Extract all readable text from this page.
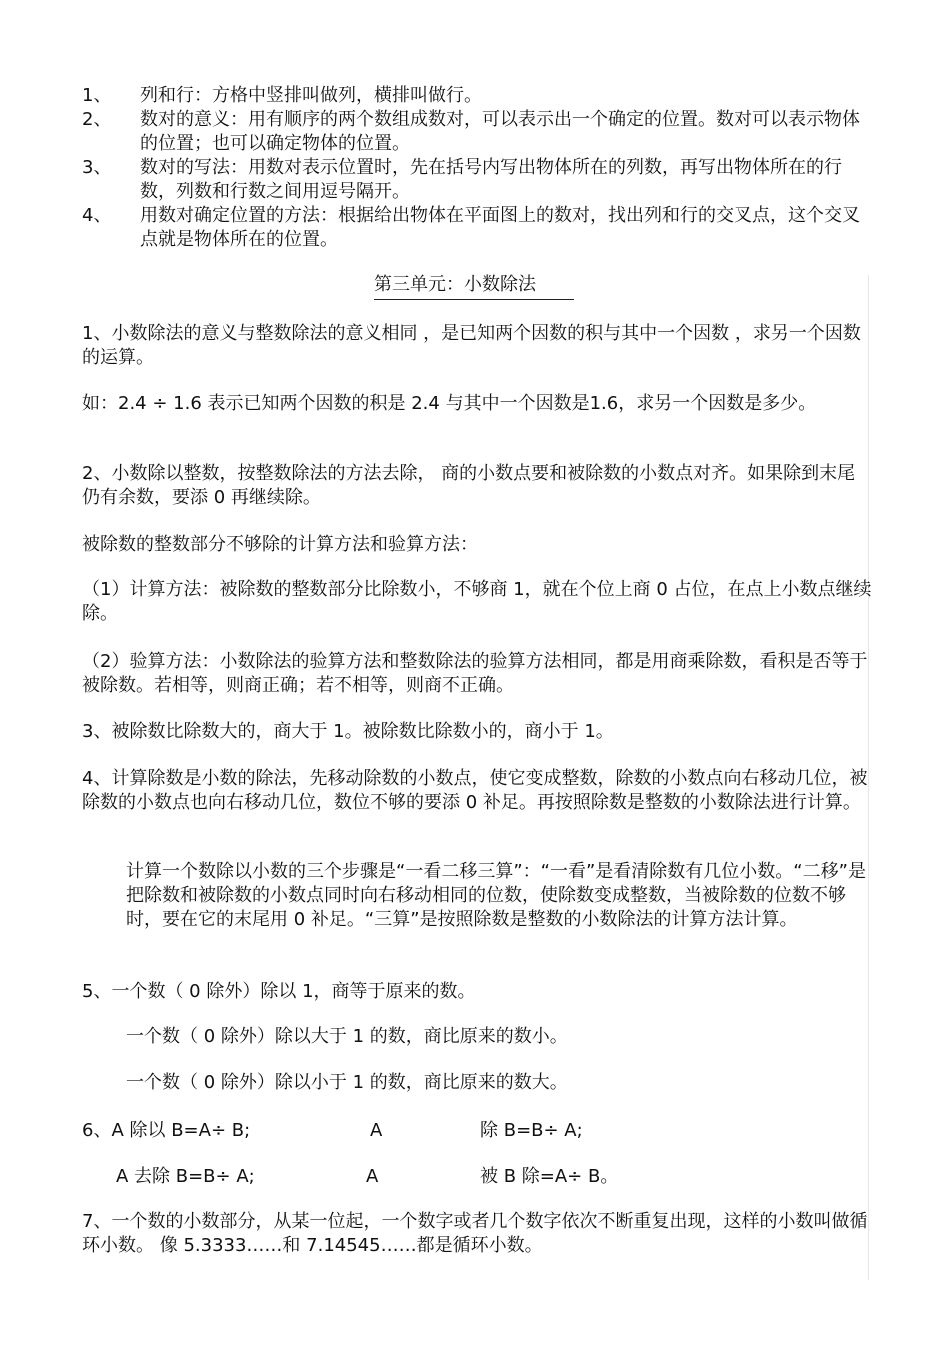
1、	列和行：方格中竖排叫做列，横排叫做行。
2、	数对的意义：用有顺序的两个数组成数对，可以表示出一个确定的位置。数对可以表示物体的位置；也可以确定物体的位置。
3、	数对的写法：用数对表示位置时，先在括号内写出物体所在的列数，再写出物体所在的行数，列数和行数之间用逗号隔开。
4、	用数对确定位置的方法：根据给出物体在平面图上的数对，找出列和行的交叉点，这个交叉点就是物体所在的位置。
第三单元：小数除法
1、小数除法的意义与整数除法的意义相同 ，是已知两个因数的积与其中一个因数 ，求另一个因数的运算。
如：2.4 ÷ 1.6 表示已知两个因数的积是 2.4 与其中一个因数是1.6，求另一个因数是多少。
2、小数除以整数，按整数除法的方法去除， 商的小数点要和被除数的小数点对齐。如果除到末尾仍有余数，要添 0 再继续除。
被除数的整数部分不够除的计算方法和验算方法：
（1）计算方法：被除数的整数部分比除数小，不够商 1，就在个位上商 0 占位，在点上小数点继续除。
（2）验算方法：小数除法的验算方法和整数除法的验算方法相同，都是用商乘除数，看积是否等于被除数。若相等，则商正确；若不相等，则商不正确。
3、被除数比除数大的，商大于 1。被除数比除数小的，商小于 1。
4、计算除数是小数的除法，先移动除数的小数点，使它变成整数，除数的小数点向右移动几位，被除数的小数点也向右移动几位，数位不够的要添 0 补足。再按照除数是整数的小数除法进行计算。
计算一个数除以小数的三个步骤是“一看二移三算”：“一看”是看清除数有几位小数。“二移”是把除数和被除数的小数点同时向右移动相同的位数，使除数变成整数，当被除数的位数不够时，要在它的末尾用 0 补足。“三算”是按照除数是整数的小数除法的计算方法计算。
5、一个数（ 0 除外）除以 1，商等于原来的数。
一个数（ 0 除外）除以大于 1 的数，商比原来的数小。
一个数（ 0 除外）除以小于 1 的数，商比原来的数大。
6、A 除以 B=A÷ B;	A	除 B=B÷ A;
A 去除 B=B÷ A;	A	被 B 除=A÷ B。
7、一个数的小数部分，从某一位起，一个数字或者几个数字依次不断重复出现，这样的小数叫做循环小数。 像 5.3333……和 7.14545……都是循环小数。
